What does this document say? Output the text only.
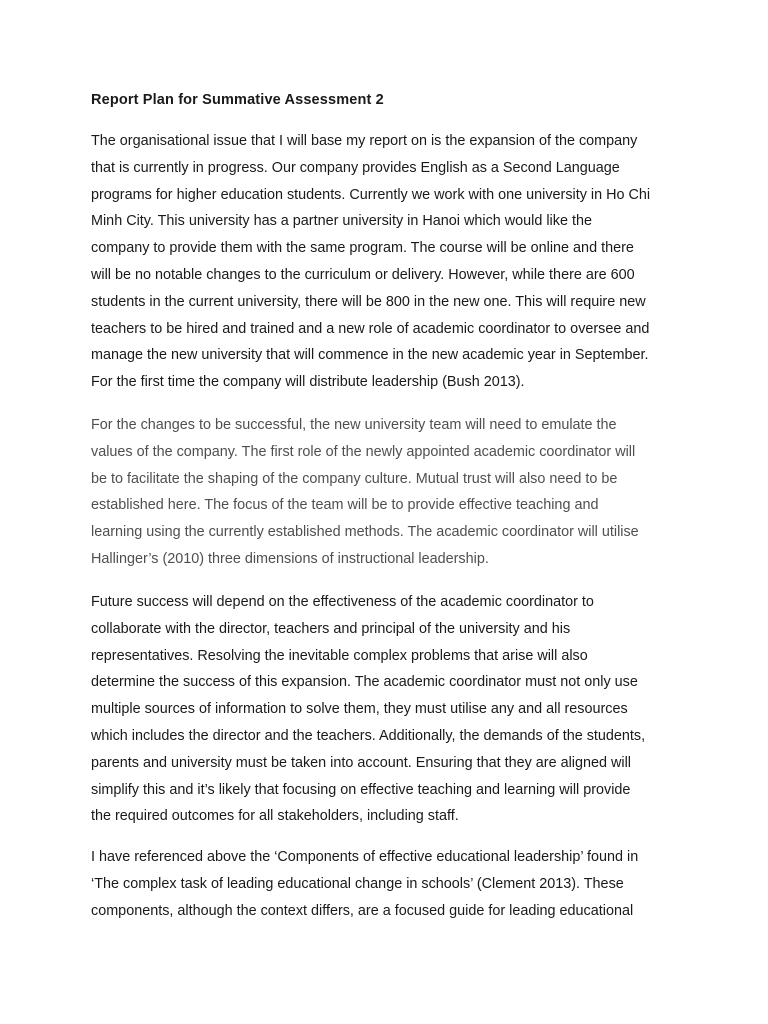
Report Plan for Summative Assessment 2

The organisational issue that I will base my report on is the expansion of the company
that is currently in progress. Our company provides English as a Second Language
programs for higher education students. Currently we work with one university in Ho Chi
Minh City. This university has a partner university in Hanoi which would like the
company to provide them with the same program. The course will be online and there
will be no notable changes to the curriculum or delivery. However, while there are 600
students in the current university, there will be 800 in the new one. This will require new
teachers to be hired and trained and a new role of academic coordinator to oversee and
manage the new university that will commence in the new academic year in September.
For the first time the company will distribute leadership (Bush 2013).

For the changes to be successful, the new university team will need to emulate the
values of the company. The first role of the newly appointed academic coordinator will
be to facilitate the shaping of the company culture. Mutual trust will also need to be
established here. The focus of the team will be to provide effective teaching and
learning using the currently established methods. The academic coordinator will utilise
Hallinger’s (2010) three dimensions of instructional leadership.

Future success will depend on the effectiveness of the academic coordinator to
collaborate with the director, teachers and principal of the university and his
representatives. Resolving the inevitable complex problems that arise will also
determine the success of this expansion. The academic coordinator must not only use
multiple sources of information to solve them, they must utilise any and all resources
which includes the director and the teachers. Additionally, the demands of the students,
parents and university must be taken into account. Ensuring that they are aligned will
simplify this and it’s likely that focusing on effective teaching and learning will provide
the required outcomes for all stakeholders, including staff.

I have referenced above the ‘Components of effective educational leadership’ found in
‘The complex task of leading educational change in schools’ (Clement 2013). These
components, although the context differs, are a focused guide for leading educational
